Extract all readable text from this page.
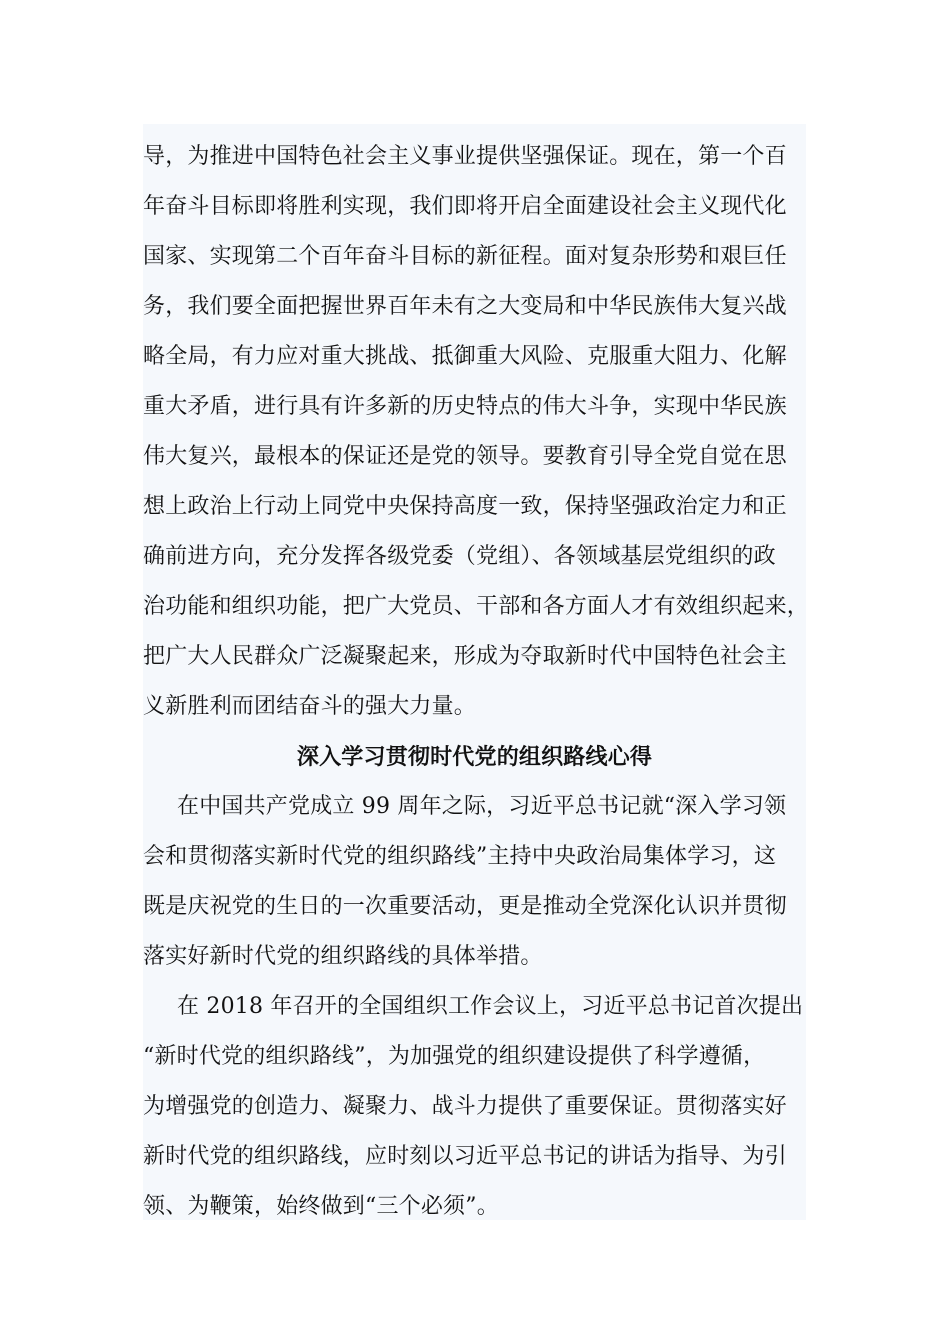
导，为推进中国特色社会主义事业提供坚强保证。现在，第一个百
年奋斗目标即将胜利实现，我们即将开启全面建设社会主义现代化
国家、实现第二个百年奋斗目标的新征程。面对复杂形势和艰巨任
务，我们要全面把握世界百年未有之大变局和中华民族伟大复兴战
略全局，有力应对重大挑战、抵御重大风险、克服重大阻力、化解
重大矛盾，进行具有许多新的历史特点的伟大斗争，实现中华民族
伟大复兴，最根本的保证还是党的领导。要教育引导全党自觉在思
想上政治上行动上同党中央保持高度一致，保持坚强政治定力和正
确前进方向，充分发挥各级党委（党组）、各领域基层党组织的政
治功能和组织功能，把广大党员、干部和各方面人才有效组织起来，
把广大人民群众广泛凝聚起来，形成为夺取新时代中国特色社会主
义新胜利而团结奋斗的强大力量。
深入学习贯彻时代党的组织路线心得
在中国共产党成立 99 周年之际，习近平总书记就“深入学习领
会和贯彻落实新时代党的组织路线”主持中央政治局集体学习，这
既是庆祝党的生日的一次重要活动，更是推动全党深化认识并贯彻
落实好新时代党的组织路线的具体举措。
在 2018 年召开的全国组织工作会议上，习近平总书记首次提出
“新时代党的组织路线”，为加强党的组织建设提供了科学遵循，
为增强党的创造力、凝聚力、战斗力提供了重要保证。贯彻落实好
新时代党的组织路线，应时刻以习近平总书记的讲话为指导、为引
领、为鞭策，始终做到“三个必须”。
